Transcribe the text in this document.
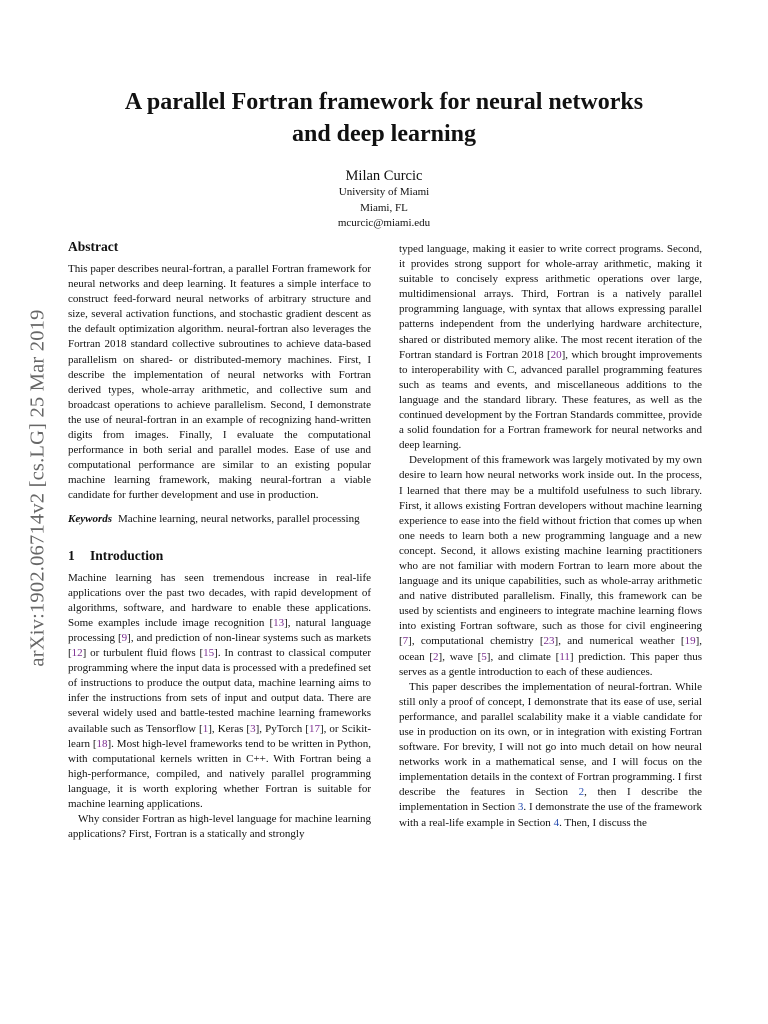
A parallel Fortran framework for neural networks
and deep learning
Milan Curcic
University of Miami
Miami, FL
mcurcic@miami.edu
arXiv:1902.06714v2 [cs.LG] 25 Mar 2019
Abstract

This paper describes neural-fortran, a parallel Fortran framework for neural networks and deep learning. It features a simple interface to construct feed-forward neural networks of arbitrary structure and size, several activation functions, and stochastic gradient descent as the default optimization algorithm. neural-fortran also leverages the Fortran 2018 standard collective subroutines to achieve data-based parallelism on shared- or distributed-memory machines. First, I describe the implementation of neural networks with Fortran derived types, whole-array arithmetic, and collective sum and broadcast operations to achieve parallelism. Second, I demonstrate the use of neural-fortran in an example of recognizing hand-written digits from images. Finally, I evaluate the computational performance in both serial and parallel modes. Ease of use and computational performance are similar to an existing popular machine learning framework, making neural-fortran a viable candidate for further development and use in production.

Keywords Machine learning, neural networks, parallel processing

1 Introduction

Machine learning has seen tremendous increase in real-life applications over the past two decades, with rapid development of algorithms, software, and hardware to enable these applications. Some examples include image recognition [13], natural language processing [9], and prediction of non-linear systems such as markets [12] or turbulent fluid flows [15]. In contrast to classical computer programming where the input data is processed with a predefined set of instructions to produce the output data, machine learning aims to infer the instructions from sets of input and output data. There are several widely used and battle-tested machine learning frameworks available such as Tensorflow [1], Keras [3], PyTorch [17], or Scikit-learn [18]. Most high-level frameworks tend to be written in Python, with computational kernels written in C++. With Fortran being a high-performance, compiled, and natively parallel programming language, it is worth exploring whether Fortran is suitable for machine learning applications.

Why consider Fortran as high-level language for machine learning applications? First, Fortran is a statically and strongly

typed language, making it easier to write correct programs. Second, it provides strong support for whole-array arithmetic, making it suitable to concisely express arithmetic operations over large, multidimensional arrays. Third, Fortran is a natively parallel programming language, with syntax that allows expressing parallel patterns independent from the underlying hardware architecture, shared or distributed memory alike. The most recent iteration of the Fortran standard is Fortran 2018 [20], which brought improvements to interoperability with C, advanced parallel programming features such as teams and events, and miscellaneous additions to the language and the standard library. These features, as well as the continued development by the Fortran Standards committee, provide a solid foundation for a Fortran framework for neural networks and deep learning.

Development of this framework was largely motivated by my own desire to learn how neural networks work inside out. In the process, I learned that there may be a multifold usefulness to such library. First, it allows existing Fortran developers without machine learning experience to ease into the field without friction that comes up when one needs to learn both a new programming language and a new concept. Second, it allows existing machine learning practitioners who are not familiar with modern Fortran to learn more about the language and its unique capabilities, such as whole-array arithmetic and native distributed parallelism. Finally, this framework can be used by scientists and engineers to integrate machine learning flows into existing Fortran software, such as those for civil engineering [7], computational chemistry [23], and numerical weather [19], ocean [2], wave [5], and climate [11] prediction. This paper thus serves as a gentle introduction to each of these audiences.

This paper describes the implementation of neural-fortran. While still only a proof of concept, I demonstrate that its ease of use, serial performance, and parallel scalability make it a viable candidate for use in production on its own, or in integration with existing Fortran software. For brevity, I will not go into much detail on how neural networks work in a mathematical sense, and I will focus on the implementation details in the context of Fortran programming. I first describe the features in Section 2, then I describe the implementation in Section 3. I demonstrate the use of the framework with a real-life example in Section 4. Then, I discuss the
